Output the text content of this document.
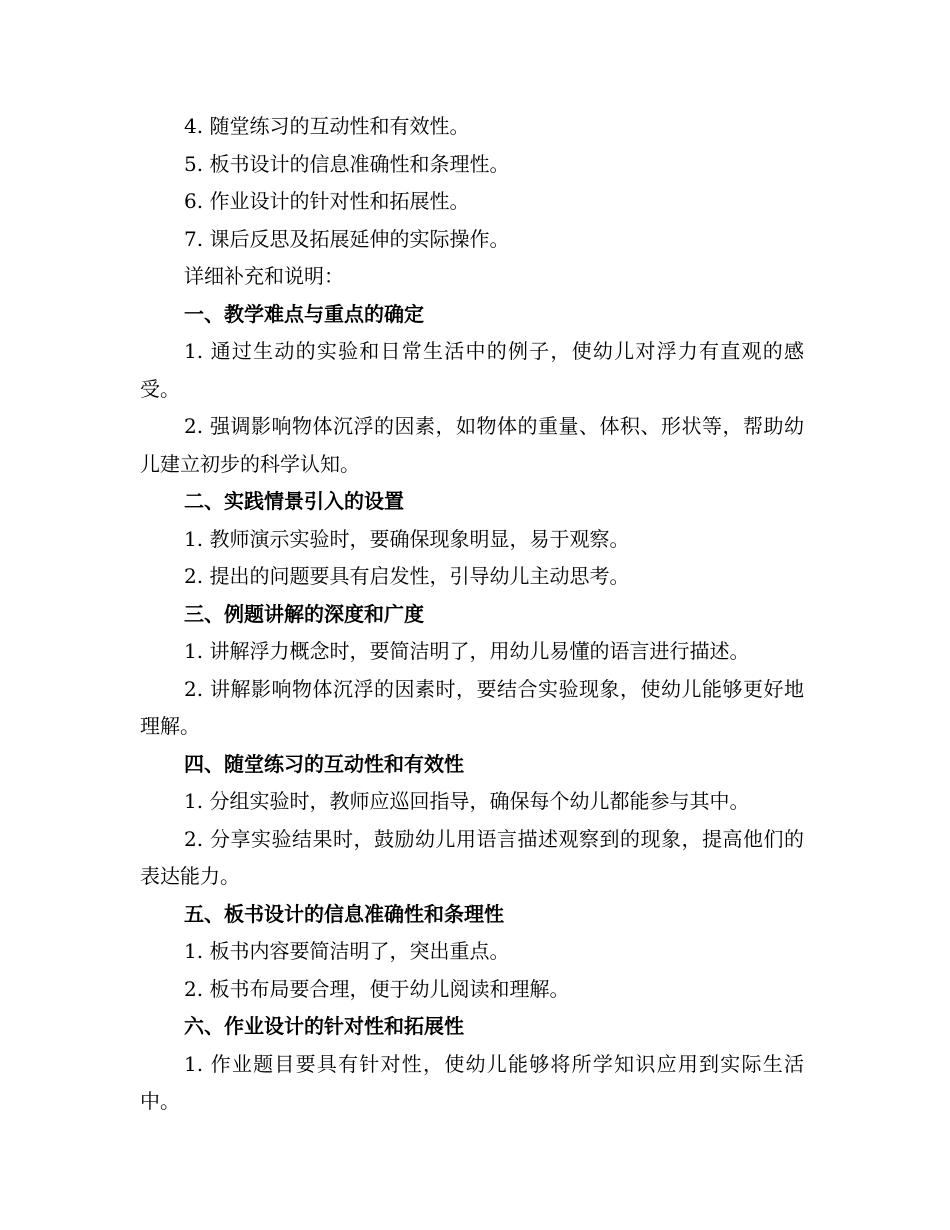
4. 随堂练习的互动性和有效性。

5. 板书设计的信息准确性和条理性。

6. 作业设计的针对性和拓展性。

7. 课后反思及拓展延伸的实际操作。

详细补充和说明：

一、教学难点与重点的确定

1. 通过生动的实验和日常生活中的例子，使幼儿对浮力有直观的感受。

2. 强调影响物体沉浮的因素，如物体的重量、体积、形状等，帮助幼儿建立初步的科学认知。

二、实践情景引入的设置

1. 教师演示实验时，要确保现象明显，易于观察。

2. 提出的问题要具有启发性，引导幼儿主动思考。

三、例题讲解的深度和广度

1. 讲解浮力概念时，要简洁明了，用幼儿易懂的语言进行描述。

2. 讲解影响物体沉浮的因素时，要结合实验现象，使幼儿能够更好地理解。

四、随堂练习的互动性和有效性

1. 分组实验时，教师应巡回指导，确保每个幼儿都能参与其中。

2. 分享实验结果时，鼓励幼儿用语言描述观察到的现象，提高他们的表达能力。

五、板书设计的信息准确性和条理性

1. 板书内容要简洁明了，突出重点。

2. 板书布局要合理，便于幼儿阅读和理解。

六、作业设计的针对性和拓展性

1. 作业题目要具有针对性，使幼儿能够将所学知识应用到实际生活中。
